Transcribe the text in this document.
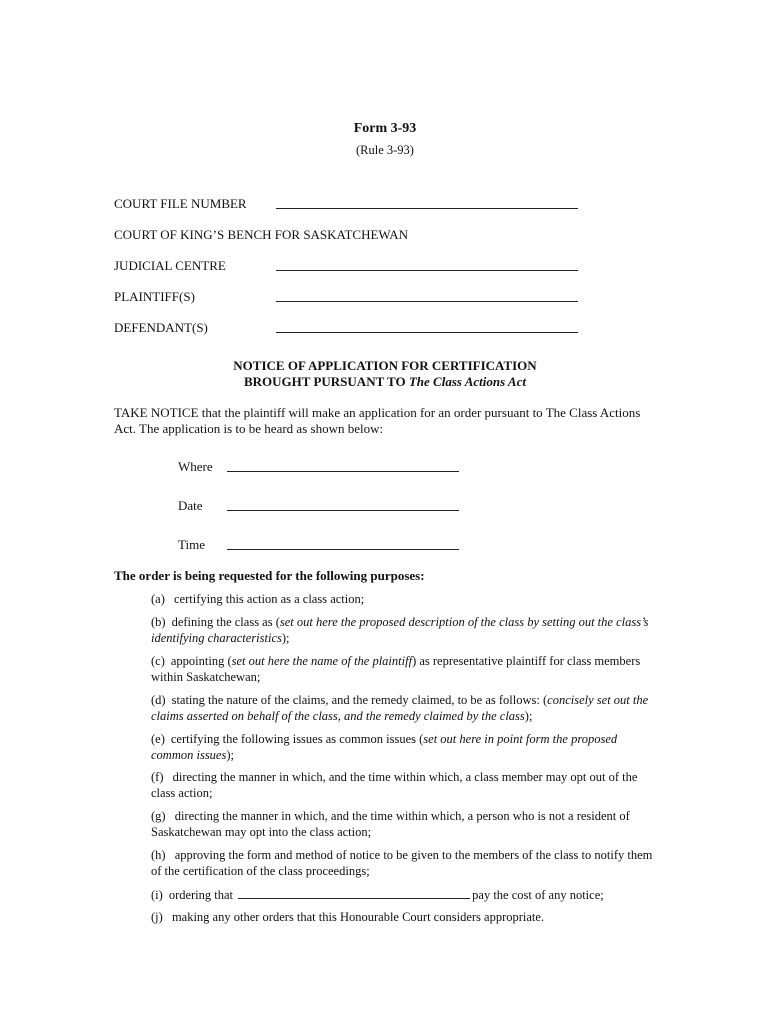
Form 3-93
(Rule 3-93)
COURT FILE NUMBER
COURT OF KING’S BENCH FOR SASKATCHEWAN
JUDICIAL CENTRE
PLAINTIFF(S)
DEFENDANT(S)
NOTICE OF APPLICATION FOR CERTIFICATION
BROUGHT PURSUANT TO The Class Actions Act
TAKE NOTICE that the plaintiff will make an application for an order pursuant to The Class Actions Act. The application is to be heard as shown below:
Where
Date
Time
The order is being requested for the following purposes:
(a) certifying this action as a class action;
(b) defining the class as (set out here the proposed description of the class by setting out the class’s identifying characteristics);
(c) appointing (set out here the name of the plaintiff) as representative plaintiff for class members within Saskatchewan;
(d) stating the nature of the claims, and the remedy claimed, to be as follows: (concisely set out the claims asserted on behalf of the class, and the remedy claimed by the class);
(e) certifying the following issues as common issues (set out here in point form the proposed common issues);
(f) directing the manner in which, and the time within which, a class member may opt out of the class action;
(g) directing the manner in which, and the time within which, a person who is not a resident of Saskatchewan may opt into the class action;
(h) approving the form and method of notice to be given to the members of the class to notify them of the certification of the class proceedings;
(i) ordering that	pay the cost of any notice;
(j) making any other orders that this Honourable Court considers appropriate.
